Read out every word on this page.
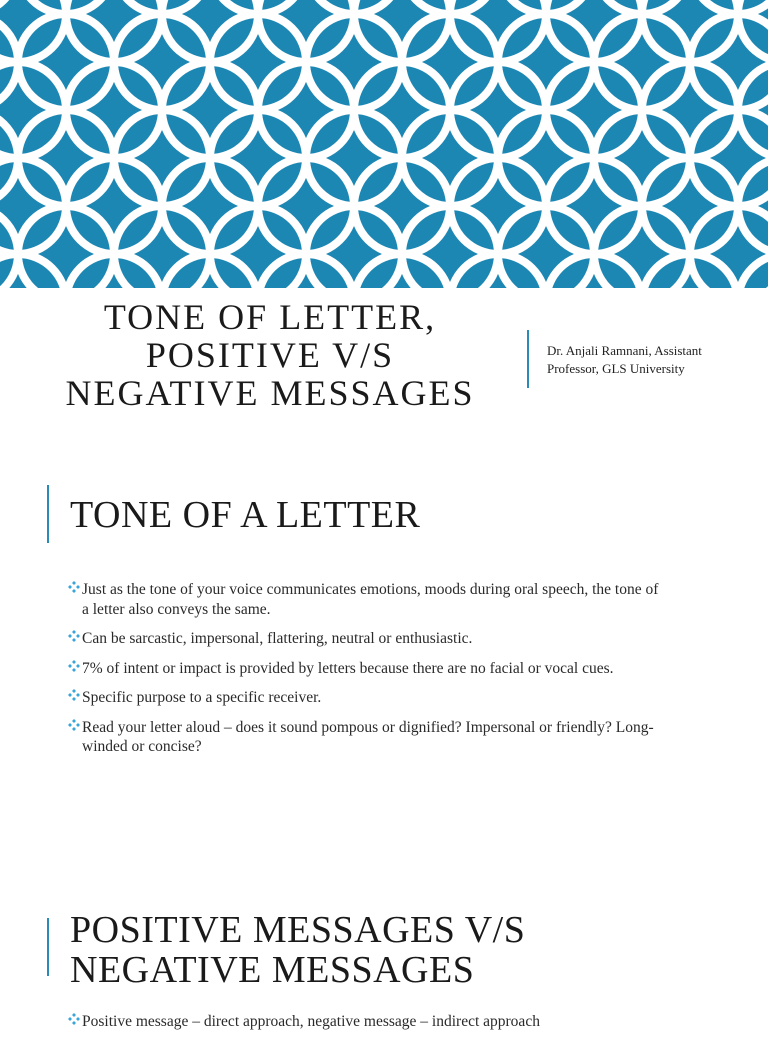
TONE OF LETTER,
POSITIVE V/S
NEGATIVE MESSAGES
Dr. Anjali Ramnani, Assistant
Professor, GLS University
TONE OF A LETTER
Just as the tone of your voice communicates emotions, moods during oral speech, the tone of a letter also conveys the same.
Can be sarcastic, impersonal, flattering, neutral or enthusiastic.
7% of intent or impact is provided by letters because there are no facial or vocal cues.
Specific purpose to a specific receiver.
Read your letter aloud – does it sound pompous or dignified? Impersonal or friendly? Long-winded or concise?
POSITIVE MESSAGES V/S
NEGATIVE MESSAGES
Positive message – direct approach, negative message – indirect approach
